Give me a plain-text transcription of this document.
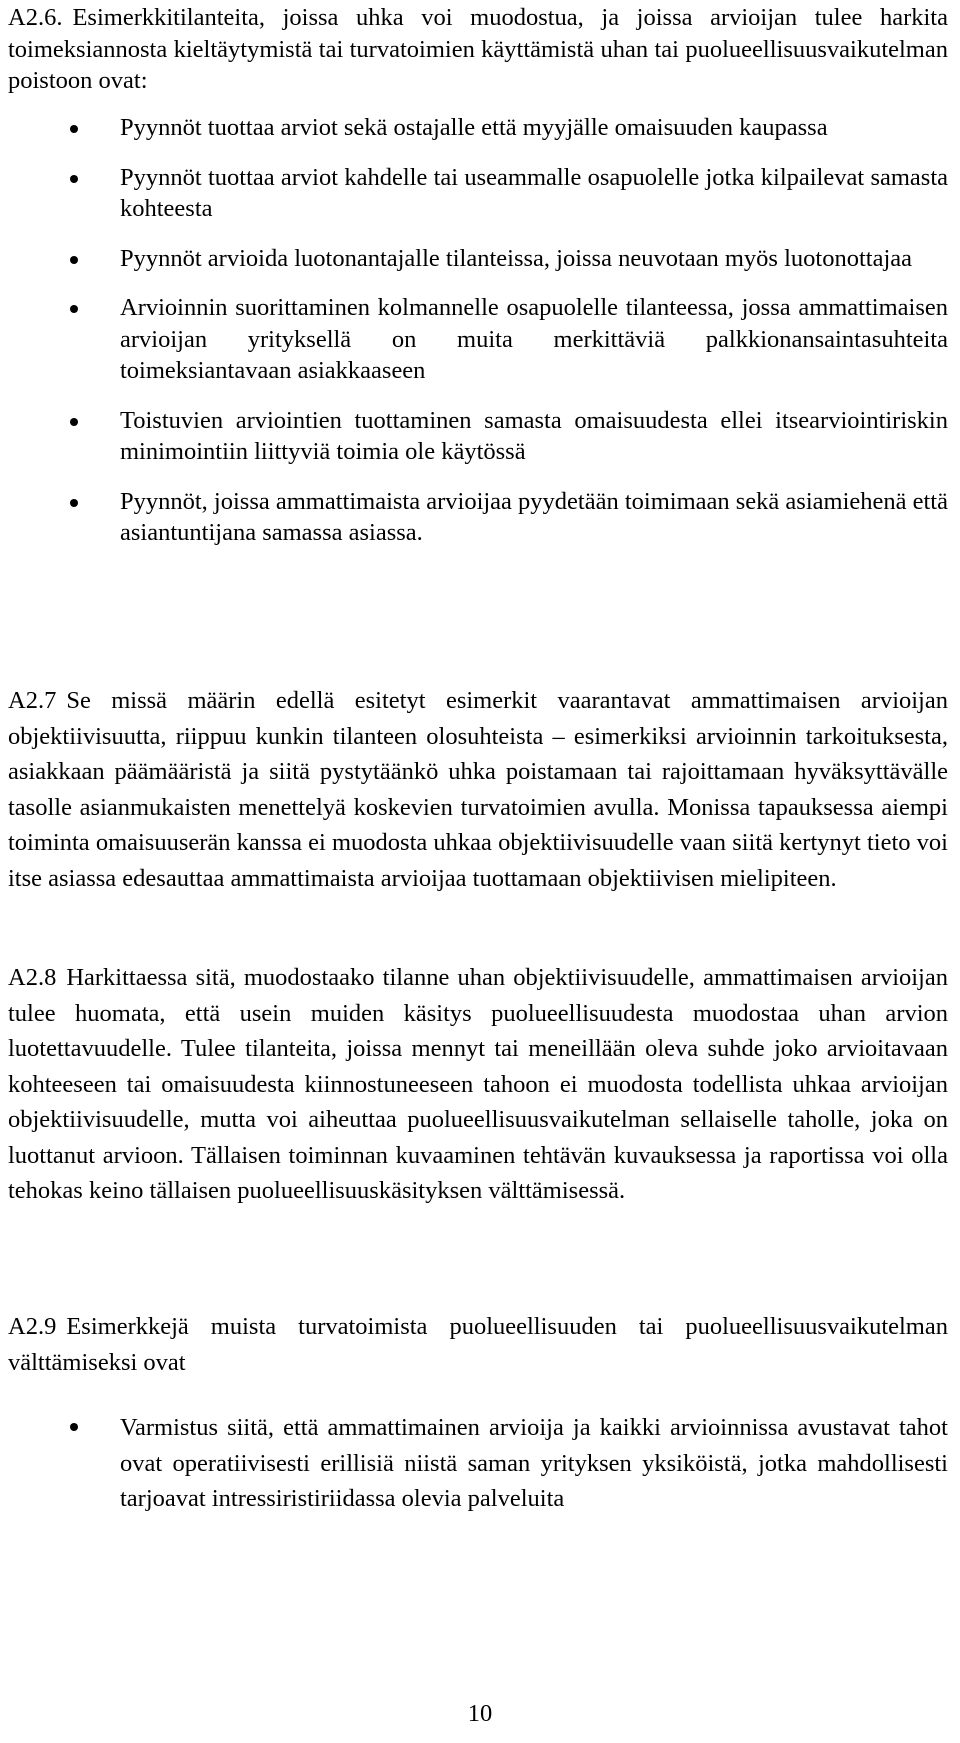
A2.6. Esimerkkitilanteita, joissa uhka voi muodostua, ja joissa arvioijan tulee harkita toimeksiannosta kieltäytymistä tai turvatoimien käyttämistä uhan tai puolueellisuusvaikutelman poistoon ovat:

Pyynnöt tuottaa arviot sekä ostajalle että myyjälle omaisuuden kaupassa
Pyynnöt tuottaa arviot kahdelle tai useammalle osapuolelle jotka kilpailevat samasta kohteesta
Pyynnöt arvioida luotonantajalle tilanteissa, joissa neuvotaan myös luotonottajaa
Arvioinnin suorittaminen kolmannelle osapuolelle tilanteessa, jossa ammattimaisen arvioijan yrityksellä on muita merkittäviä palkkionansaintasuhteita toimeksiantavaan asiakkaaseen
Toistuvien arviointien tuottaminen samasta omaisuudesta ellei itsearviointiriskin minimointiin liittyviä toimia ole käytössä
Pyynnöt, joissa ammattimaista arvioijaa pyydetään toimimaan sekä asiamiehenä että asiantuntijana samassa asiassa.

A2.7 Se missä määrin edellä esitetyt esimerkit vaarantavat ammattimaisen arvioijan objektiivisuutta, riippuu kunkin tilanteen olosuhteista – esimerkiksi arvioinnin tarkoituksesta, asiakkaan päämääristä ja siitä pystytäänkö uhka poistamaan tai rajoittamaan hyväksyttävälle tasolle asianmukaisten menettelyä koskevien turvatoimien avulla. Monissa tapauksessa aiempi toiminta omaisuuserän kanssa ei muodosta uhkaa objektiivisuudelle vaan siitä kertynyt tieto voi itse asiassa edesauttaa ammattimaista arvioijaa tuottamaan objektiivisen mielipiteen.

A2.8 Harkittaessa sitä, muodostaako tilanne uhan objektiivisuudelle, ammattimaisen arvioijan tulee huomata, että usein muiden käsitys puolueellisuudesta muodostaa uhan arvion luotettavuudelle. Tulee tilanteita, joissa mennyt tai meneillään oleva suhde joko arvioitavaan kohteeseen tai omaisuudesta kiinnostuneeseen tahoon ei muodosta todellista uhkaa arvioijan objektiivisuudelle, mutta voi aiheuttaa puolueellisuusvaikutelman sellaiselle taholle, joka on luottanut arvioon. Tällaisen toiminnan kuvaaminen tehtävän kuvauksessa ja raportissa voi olla tehokas keino tällaisen puolueellisuuskäsityksen välttämisessä.

A2.9 Esimerkkejä muista turvatoimista puolueellisuuden tai puolueellisuusvaikutelman välttämiseksi ovat

Varmistus siitä, että ammattimainen arvioija ja kaikki arvioinnissa avustavat tahot ovat operatiivisesti erillisiä niistä saman yrityksen yksiköistä, jotka mahdollisesti tarjoavat intressiristiriidassa olevia palveluita
10
